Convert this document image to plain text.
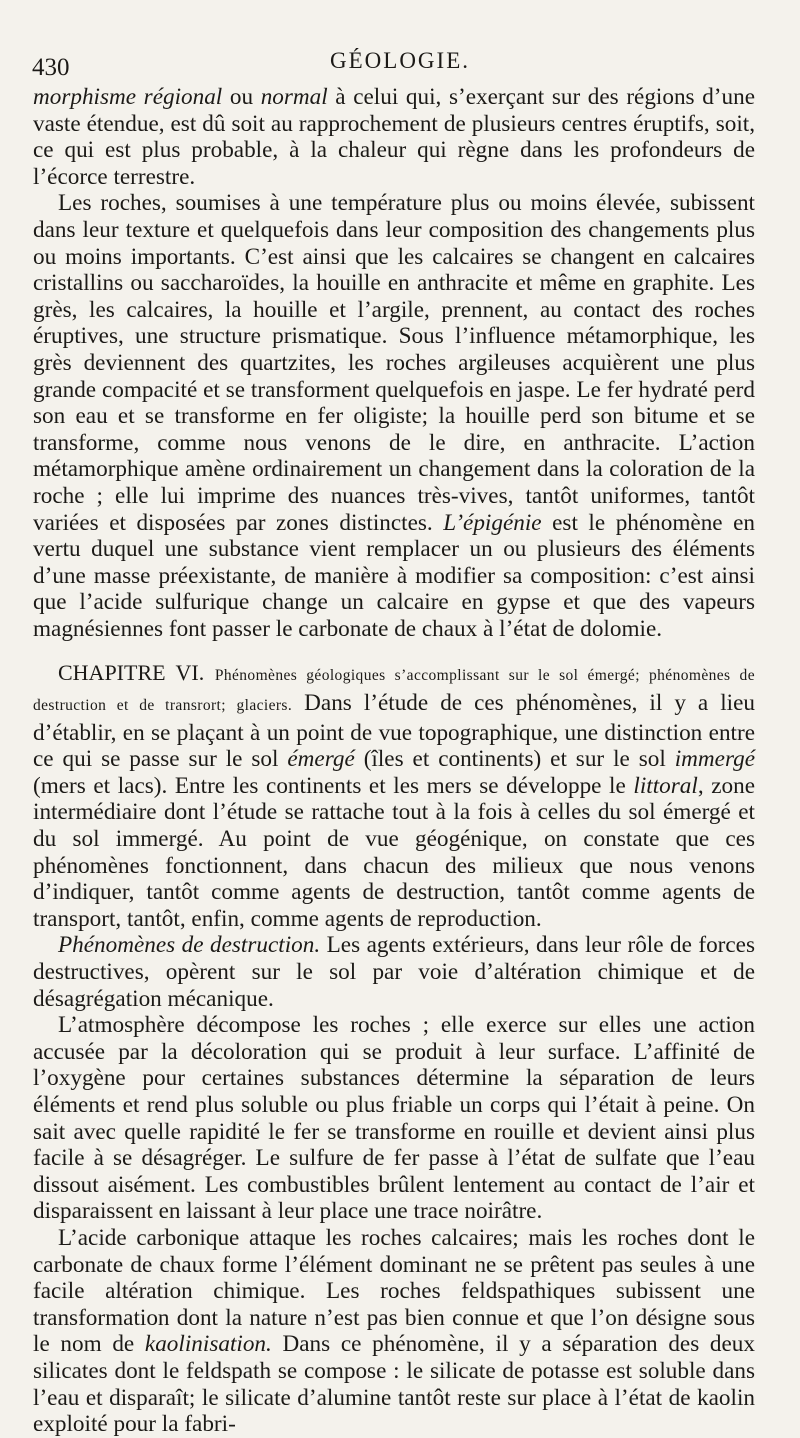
430	GÉOLOGIE.

morphisme régional ou normal à celui qui, s’exerçant sur des régions d’une vaste étendue, est dû soit au rapprochement de plusieurs centres éruptifs, soit, ce qui est plus probable, à la chaleur qui règne dans les profondeurs de l’écorce terrestre.

Les roches, soumises à une température plus ou moins élevée, subissent dans leur texture et quelquefois dans leur composition des changements plus ou moins importants. C’est ainsi que les calcaires se changent en calcaires cristallins ou saccharoïdes, la houille en anthracite et même en graphite. Les grès, les calcaires, la houille et l’argile, prennent, au contact des roches éruptives, une structure prismatique. Sous l’influence métamorphique, les grès deviennent des quartzites, les roches argileuses acquièrent une plus grande compacité et se transforment quelquefois en jaspe. Le fer hydraté perd son eau et se transforme en fer oligiste; la houille perd son bitume et se transforme, comme nous venons de le dire, en anthracite. L’action métamorphique amène ordinairement un changement dans la coloration de la roche ; elle lui imprime des nuances très-vives, tantôt uniformes, tantôt variées et disposées par zones distinctes. L’épigénie est le phénomène en vertu duquel une substance vient remplacer un ou plusieurs des éléments d’une masse préexistante, de manière à modifier sa composition: c’est ainsi que l’acide sulfurique change un calcaire en gypse et que des vapeurs magnésiennes font passer le carbonate de chaux à l’état de dolomie.

CHAPITRE VI. Phénomènes géologiques s’accomplissant sur le sol émergé; phénomènes de destruction et de transrort; glaciers. Dans l’étude de ces phénomènes, il y a lieu d’établir, en se plaçant à un point de vue topographique, une distinction entre ce qui se passe sur le sol émergé (îles et continents) et sur le sol immergé (mers et lacs). Entre les continents et les mers se développe le littoral, zone intermédiaire dont l’étude se rattache tout à la fois à celles du sol émergé et du sol immergé. Au point de vue géogénique, on constate que ces phénomènes fonctionnent, dans chacun des milieux que nous venons d’indiquer, tantôt comme agents de destruction, tantôt comme agents de transport, tantôt, enfin, comme agents de reproduction.

Phénomènes de destruction. Les agents extérieurs, dans leur rôle de forces destructives, opèrent sur le sol par voie d’altération chimique et de désagrégation mécanique.

L’atmosphère décompose les roches ; elle exerce sur elles une action accusée par la décoloration qui se produit à leur surface. L’affinité de l’oxygène pour certaines substances détermine la séparation de leurs éléments et rend plus soluble ou plus friable un corps qui l’était à peine. On sait avec quelle rapidité le fer se transforme en rouille et devient ainsi plus facile à se désagréger. Le sulfure de fer passe à l’état de sulfate que l’eau dissout aisément. Les combustibles brûlent lentement au contact de l’air et disparaissent en laissant à leur place une trace noirâtre.

L’acide carbonique attaque les roches calcaires; mais les roches dont le carbonate de chaux forme l’élément dominant ne se prêtent pas seules à une facile altération chimique. Les roches feldspathiques subissent une transformation dont la nature n’est pas bien connue et que l’on désigne sous le nom de kaolinisation. Dans ce phénomène, il y a séparation des deux silicates dont le feldspath se compose : le silicate de potasse est soluble dans l’eau et disparaît; le silicate d’alumine tantôt reste sur place à l’état de kaolin exploité pour la fabri-
